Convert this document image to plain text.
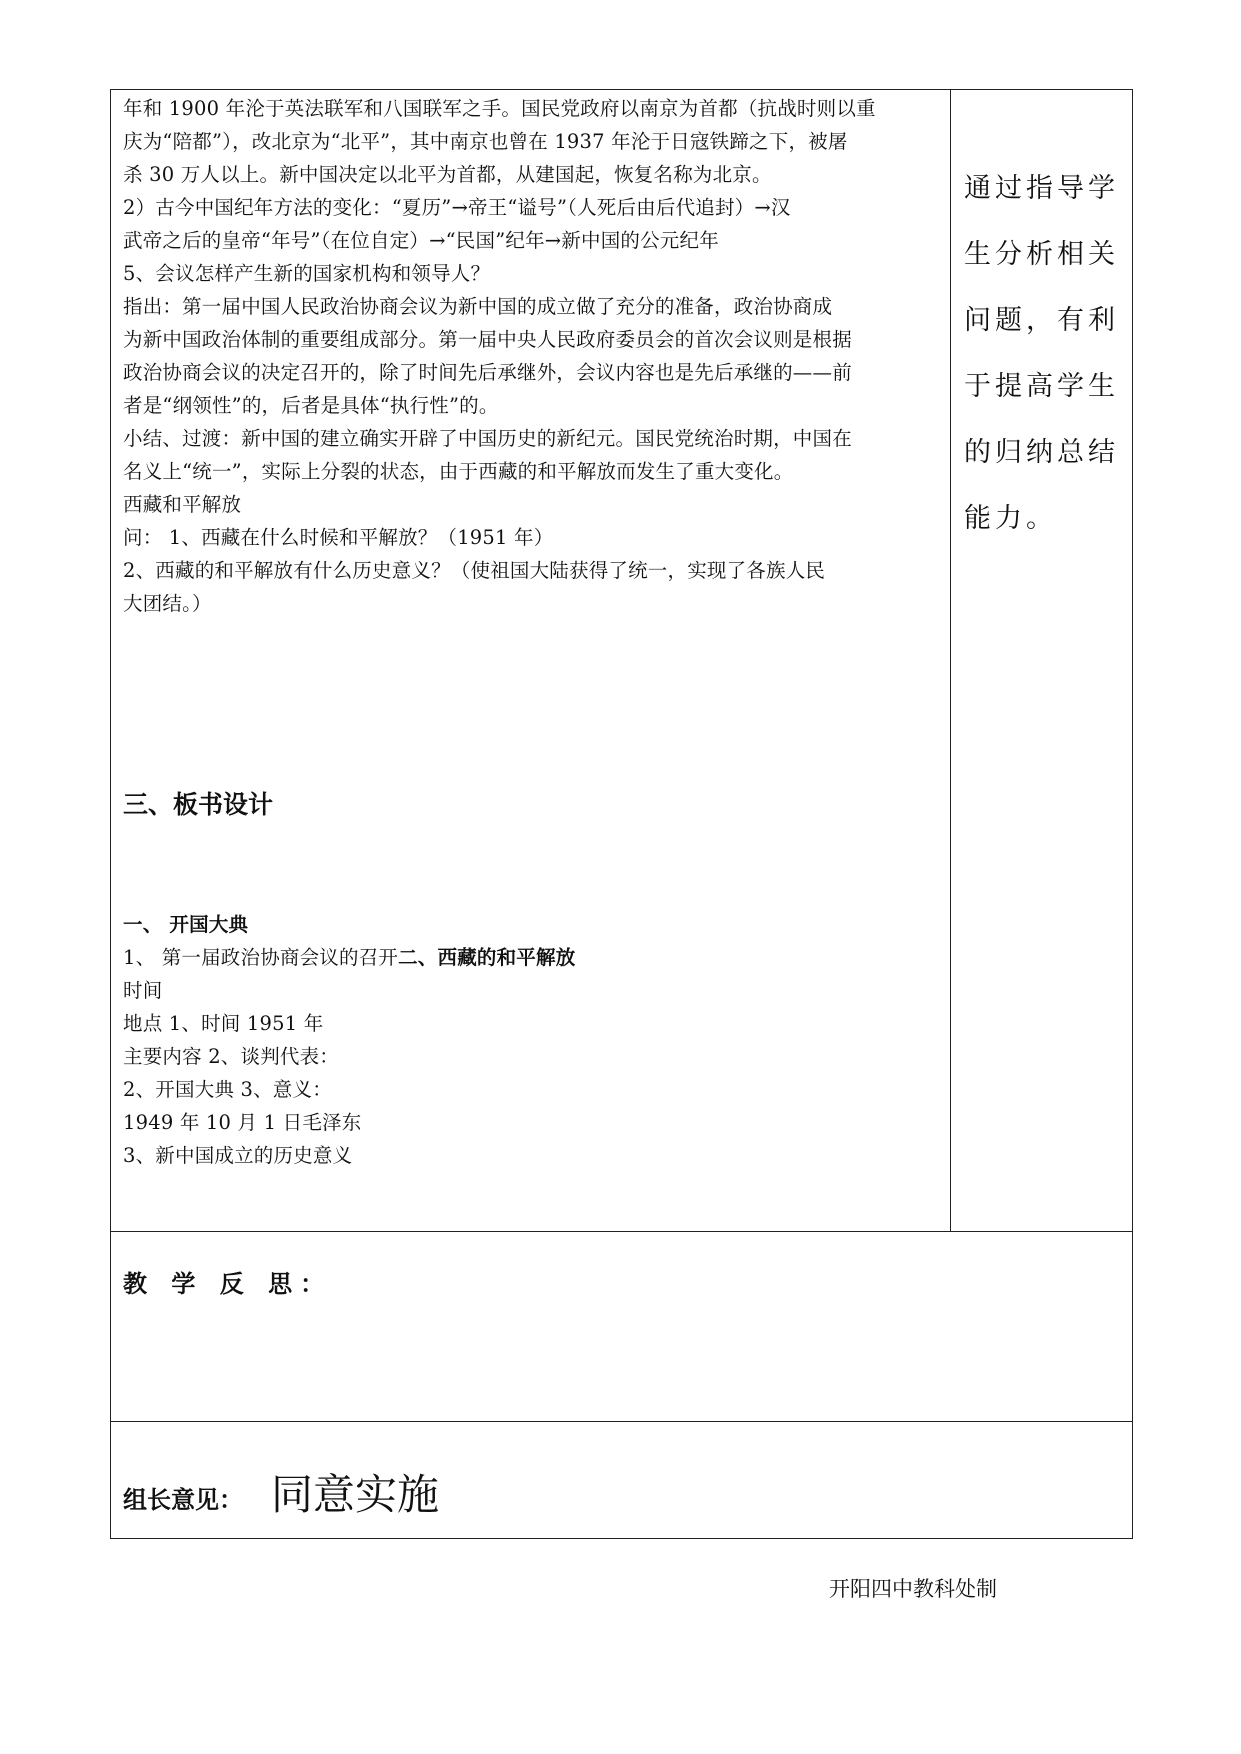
年和 1900 年沦于英法联军和八国联军之手。国民党政府以南京为首都（抗战时则以重
庆为“陪都”），改北京为“北平”，其中南京也曾在 1937 年沦于日寇铁蹄之下，被屠
杀 30 万人以上。新中国决定以北平为首都，从建国起，恢复名称为北京。
2）古今中国纪年方法的变化：“夏历”→帝王“谥号”（人死后由后代追封）→汉
武帝之后的皇帝“年号”（在位自定）→“民国”纪年→新中国的公元纪年
5、会议怎样产生新的国家机构和领导人？
指出：第一届中国人民政治协商会议为新中国的成立做了充分的准备，政治协商成
为新中国政治体制的重要组成部分。第一届中央人民政府委员会的首次会议则是根据
政治协商会议的决定召开的，除了时间先后承继外，会议内容也是先后承继的——前
者是“纲领性”的，后者是具体“执行性”的。
小结、过渡：新中国的建立确实开辟了中国历史的新纪元。国民党统治时期，中国在
名义上“统一”，实际上分裂的状态，由于西藏的和平解放而发生了重大变化。
西藏和平解放
问： 1、西藏在什么时候和平解放？（1951 年）
2、西藏的和平解放有什么历史意义？（使祖国大陆获得了统一，实现了各族人民
大团结。）
三、板书设计
一、 开国大典
1、 第一届政治协商会议的召开二、西藏的和平解放
时间
地点 1、时间 1951 年
主要内容 2、谈判代表：
2、开国大典 3、意义：
1949 年 10 月 1 日毛泽东
3、新中国成立的历史意义
通过指导学
生分析相关
问题，有利
于提高学生
的归纳总结
能力。
教 学 反 思：
组长意见： 同意实施
开阳四中教科处制
